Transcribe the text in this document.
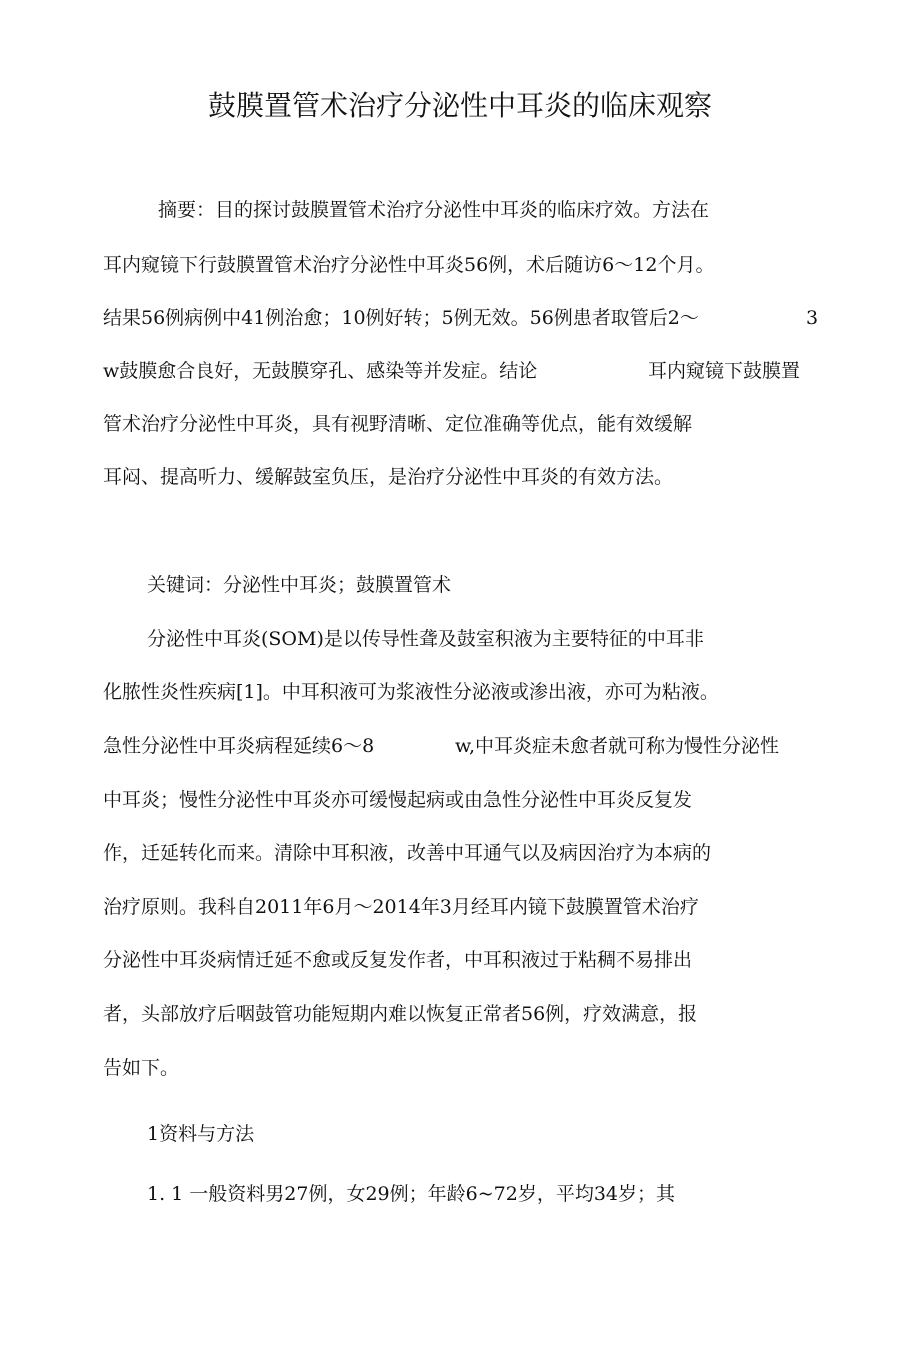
鼓膜置管术治疗分泌性中耳炎的临床观察
摘要：目的探讨鼓膜置管术治疗分泌性中耳炎的临床疗效。方法在
耳内窥镜下行鼓膜置管术治疗分泌性中耳炎56例，术后随访6～12个月。
结果56例病例中41例治愈；10例好转；5例无效。56例患者取管后2～	3
w鼓膜愈合良好，无鼓膜穿孔、感染等并发症。结论	耳内窥镜下鼓膜置
管术治疗分泌性中耳炎，具有视野清晰、定位准确等优点，能有效缓解
耳闷、提高听力、缓解鼓室负压，是治疗分泌性中耳炎的有效方法。
关键词：分泌性中耳炎；鼓膜置管术
分泌性中耳炎(SOM)是以传导性聋及鼓室积液为主要特征的中耳非
化脓性炎性疾病[1]。中耳积液可为浆液性分泌液或渗出液，亦可为粘液。
急性分泌性中耳炎病程延续6～8	w,中耳炎症未愈者就可称为慢性分泌性
中耳炎；慢性分泌性中耳炎亦可缓慢起病或由急性分泌性中耳炎反复发
作，迁延转化而来。清除中耳积液，改善中耳通气以及病因治疗为本病的
治疗原则。我科自2011年6月～2014年3月经耳内镜下鼓膜置管术治疗
分泌性中耳炎病情迁延不愈或反复发作者，中耳积液过于粘稠不易排出
者，头部放疗后咽鼓管功能短期内难以恢复正常者56例，疗效满意，报
告如下。
1资料与方法
1. 1 一般资料男27例，女29例；年龄6~72岁，平均34岁；其
